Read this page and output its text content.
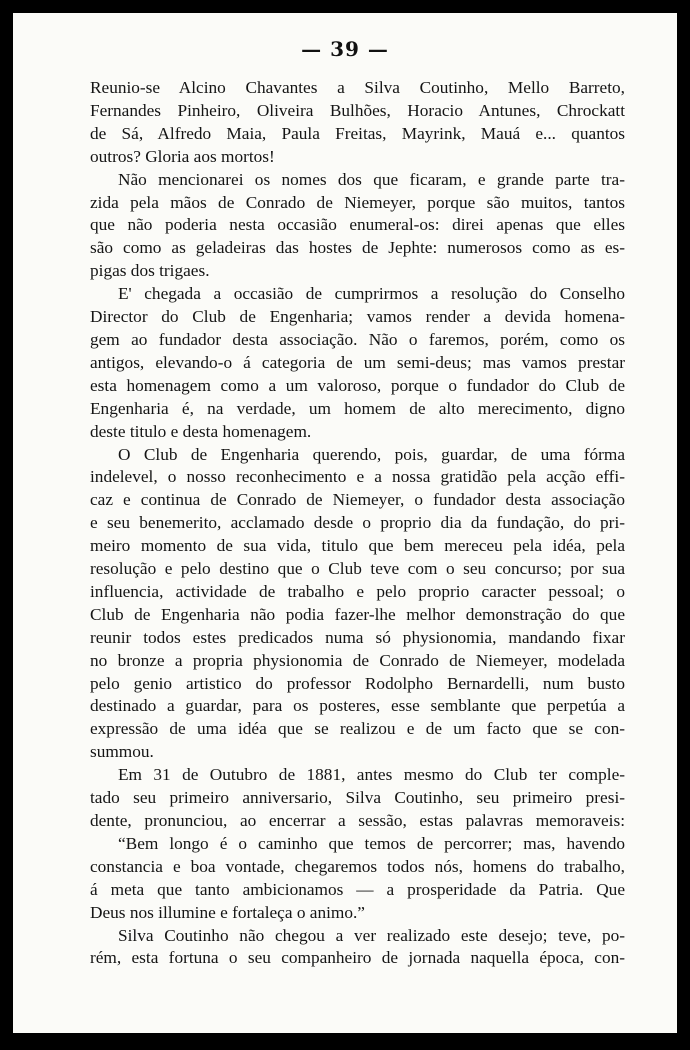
— 39 —

Reunio-se Alcino Chavantes a Silva Coutinho, Mello Barreto,

Fernandes Pinheiro, Oliveira Bulhões, Horacio Antunes, Chrockatt

de Sá, Alfredo Maia, Paula Freitas, Mayrink, Mauá e... quantos

outros? Gloria aos mortos!

Não mencionarei os nomes dos que ficaram, e grande parte tra-

zida pela mãos de Conrado de Niemeyer, porque são muitos, tantos

que não poderia nesta occasião enumeral-os: direi apenas que elles

são como as geladeiras das hostes de Jephte: numerosos como as es-

pigas dos trigaes.

E' chegada a occasião de cumprirmos a resolução do Conselho

Director do Club de Engenharia; vamos render a devida homena-

gem ao fundador desta associação. Não o faremos, porém, como os

antigos, elevando-o á categoria de um semi-deus; mas vamos prestar

esta homenagem como a um valoroso, porque o fundador do Club de

Engenharia é, na verdade, um homem de alto merecimento, digno

deste titulo e desta homenagem.

O Club de Engenharia querendo, pois, guardar, de uma fórma

indelevel, o nosso reconhecimento e a nossa gratidão pela acção effi-

caz e continua de Conrado de Niemeyer, o fundador desta associação

e seu benemerito, acclamado desde o proprio dia da fundação, do pri-

meiro momento de sua vida, titulo que bem mereceu pela idéa, pela

resolução e pelo destino que o Club teve com o seu concurso; por sua

influencia, actividade de trabalho e pelo proprio caracter pessoal; o

Club de Engenharia não podia fazer-lhe melhor demonstração do que

reunir todos estes predicados numa só physionomia, mandando fixar

no bronze a propria physionomia de Conrado de Niemeyer, modelada

pelo genio artistico do professor Rodolpho Bernardelli, num busto

destinado a guardar, para os posteres, esse semblante que perpetúa a

expressão de uma idéa que se realizou e de um facto que se con-

summou.

Em 31 de Outubro de 1881, antes mesmo do Club ter comple-

tado seu primeiro anniversario, Silva Coutinho, seu primeiro presi-

dente, pronunciou, ao encerrar a sessão, estas palavras memoraveis:

“Bem longo é o caminho que temos de percorrer; mas, havendo

constancia e boa vontade, chegaremos todos nós, homens do trabalho,

á meta que tanto ambicionamos — a prosperidade da Patria. Que

Deus nos illumine e fortaleça o animo.”

Silva Coutinho não chegou a ver realizado este desejo; teve, po-

rém, esta fortuna o seu companheiro de jornada naquella época, con-
